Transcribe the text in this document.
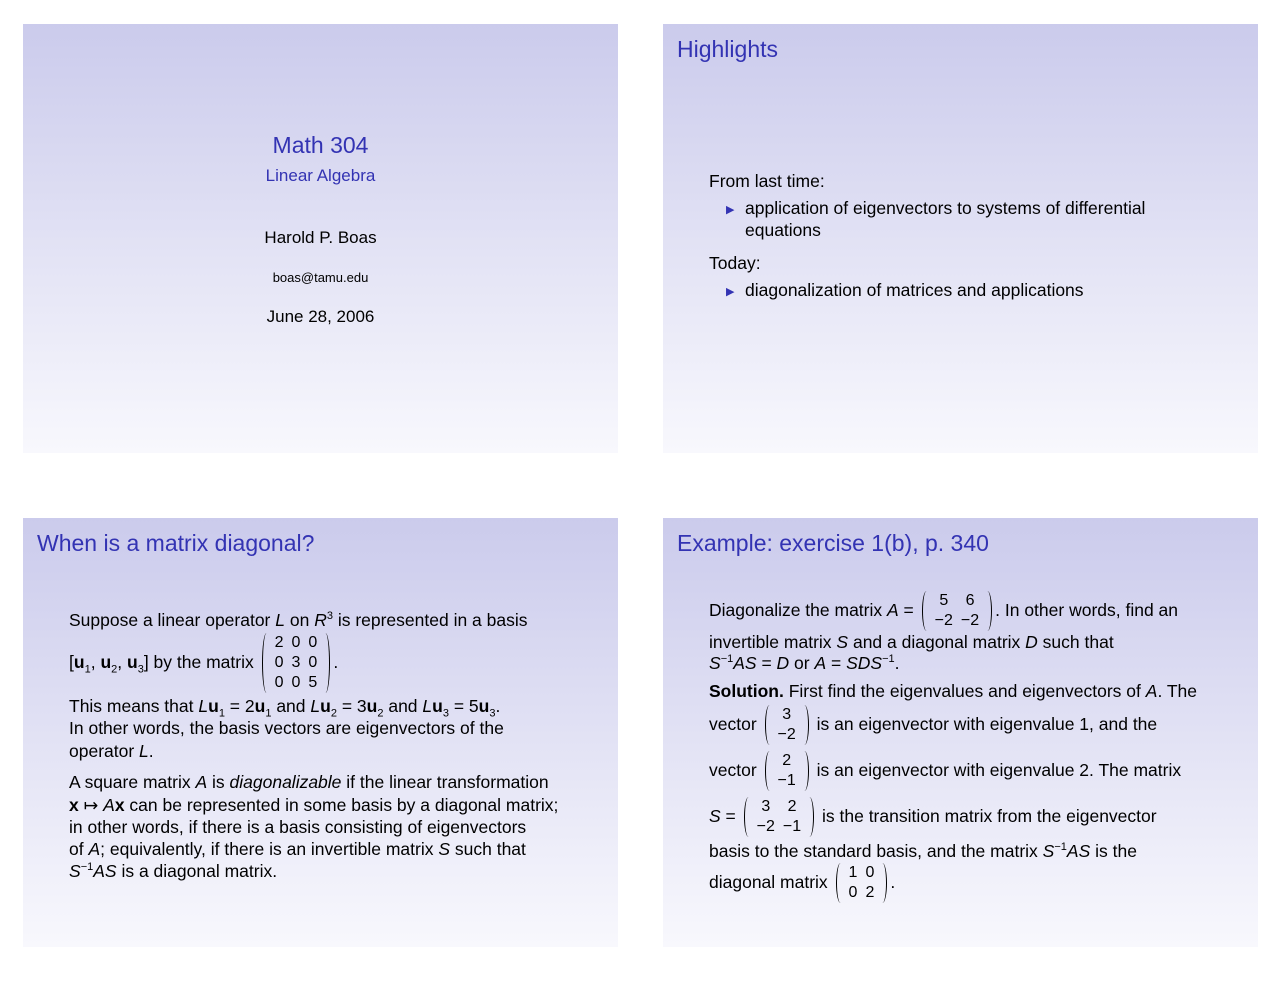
Math 304
Linear Algebra
Harold P. Boas
boas@tamu.edu
June 28, 2006
Highlights
From last time:
▶ application of eigenvectors to systems of differential
equations
Today:
▶ diagonalization of matrices and applications
When is a matrix diagonal?
Suppose a linear operator L on $R^3$ is represented in a basis
[$u_1$, $u_2$, $u_3$] by the matrix
2	0	0
0	3	0
0	0	5
.
This means that $Lu_1 = 2u_1$ and $Lu_2 = 3u_2$ and $Lu_3 = 5u_3$.
In other words, the basis vectors are eigenvectors of the
operator L.
A square matrix A is diagonalizable if the linear transformation
x ↦ Ax can be represented in some basis by a diagonal matrix;
in other words, if there is a basis consisting of eigenvectors
of A; equivalently, if there is an invertible matrix S such that
$S^{-1}AS$ is a diagonal matrix.
Example: exercise 1(b), p. 340
Diagonalize the matrix A = 5	6
−2	−2
. In other words, find an
invertible matrix S and a diagonal matrix D such that
$S^{-1}AS = D$ or $A = SDS^{-1}$.
Solution. First find the eigenvalues and eigenvectors of A. The
vector 3
−2
is an eigenvector with eigenvalue 1, and the
vector 2
−1
is an eigenvector with eigenvalue 2. The matrix
S = 3	2
−2	−1
is the transition matrix from the eigenvector
basis to the standard basis, and the matrix $S^{-1}AS$ is the
diagonal matrix 1	0
0	2
.
